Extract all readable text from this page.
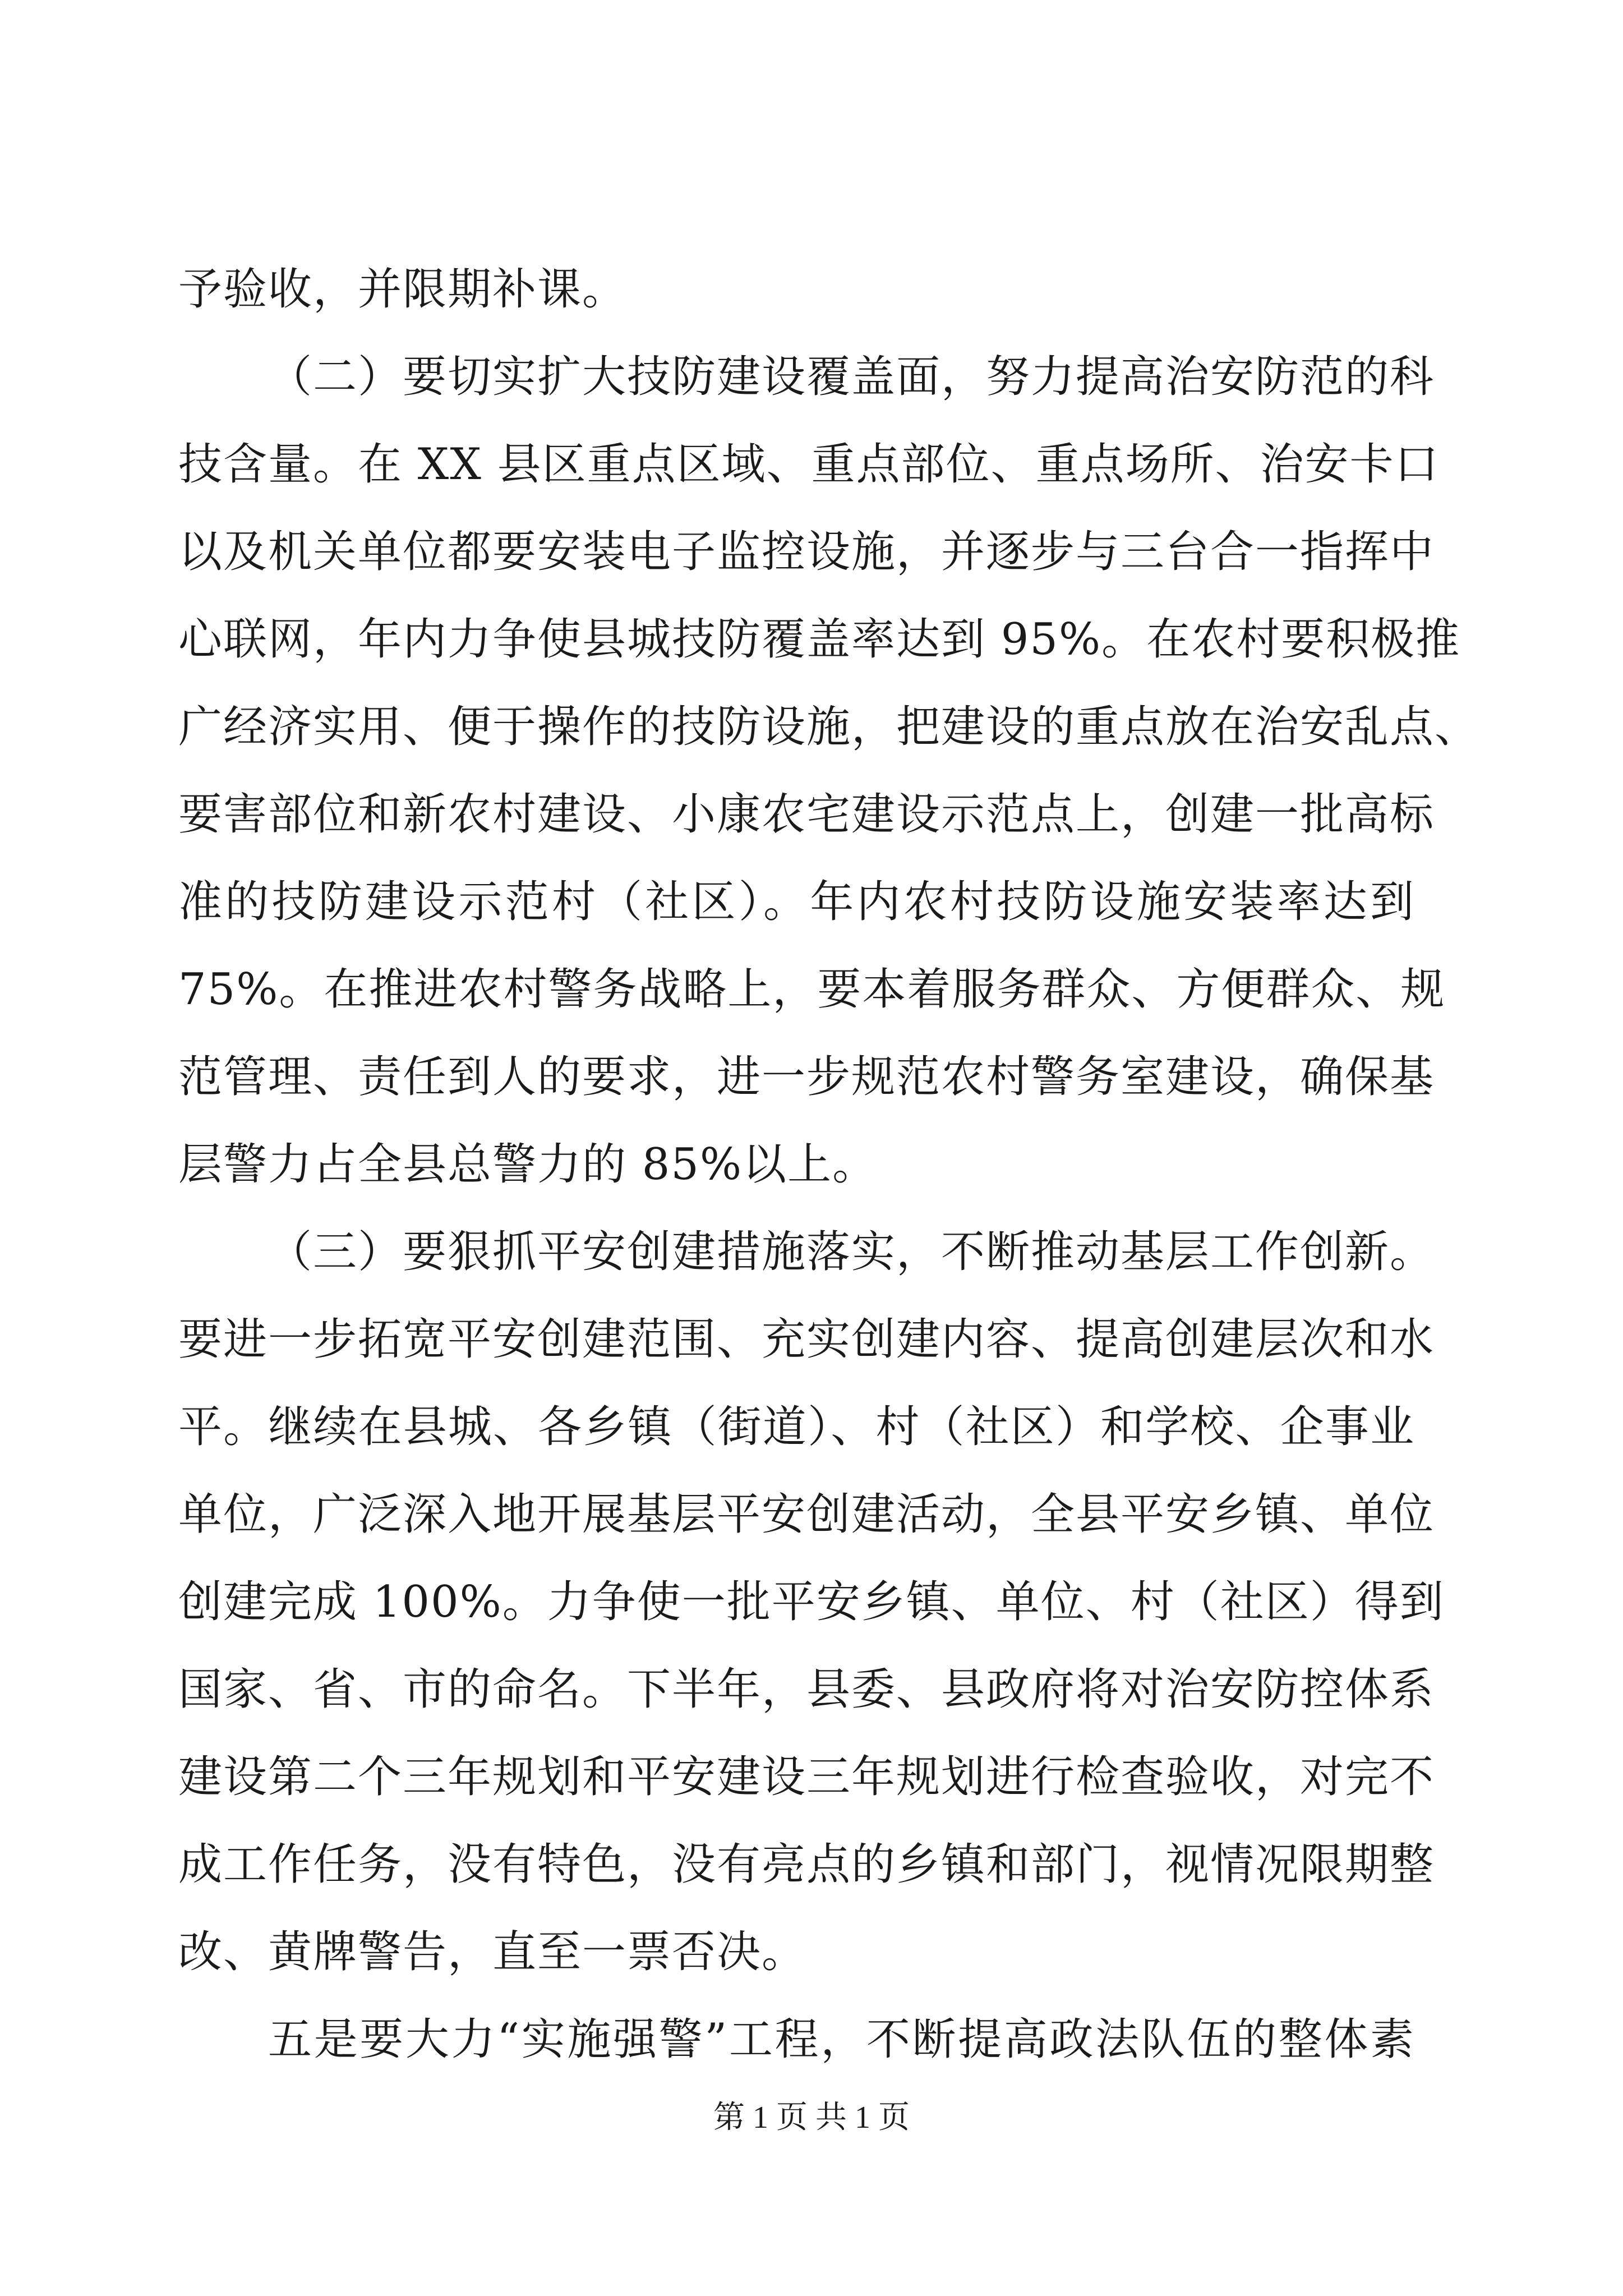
予验收，并限期补课。
（二）要切实扩大技防建设覆盖面，努力提高治安防范的科
技含量。在 XX 县区重点区域、重点部位、重点场所、治安卡口
以及机关单位都要安装电子监控设施，并逐步与三台合一指挥中
心联网，年内力争使县城技防覆盖率达到 95%。在农村要积极推
广经济实用、便于操作的技防设施，把建设的重点放在治安乱点、
要害部位和新农村建设、小康农宅建设示范点上，创建一批高标
准的技防建设示范村（社区）。年内农村技防设施安装率达到
75%。在推进农村警务战略上，要本着服务群众、方便群众、规
范管理、责任到人的要求，进一步规范农村警务室建设，确保基
层警力占全县总警力的 85%以上。
（三）要狠抓平安创建措施落实，不断推动基层工作创新。
要进一步拓宽平安创建范围、充实创建内容、提高创建层次和水
平。继续在县城、各乡镇（街道）、村（社区）和学校、企事业
单位，广泛深入地开展基层平安创建活动，全县平安乡镇、单位
创建完成 100%。力争使一批平安乡镇、单位、村（社区）得到
国家、省、市的命名。下半年，县委、县政府将对治安防控体系
建设第二个三年规划和平安建设三年规划进行检查验收，对完不
成工作任务，没有特色，没有亮点的乡镇和部门，视情况限期整
改、黄牌警告，直至一票否决。
五是要大力“实施强警”工程，不断提高政法队伍的整体素
第 1 页 共 1 页
